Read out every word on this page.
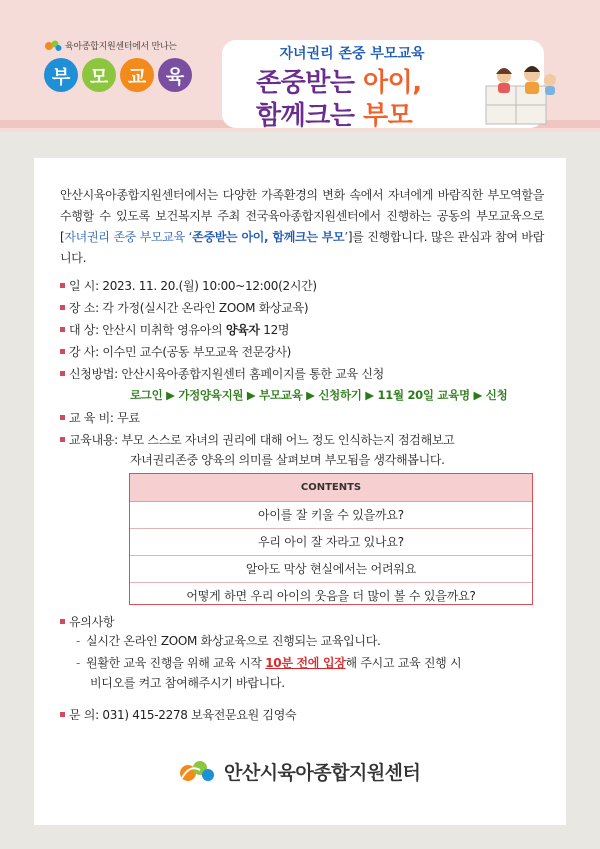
육아종합지원센터에서 만나는
부	모	교	육
자녀권리 존중 부모교육
존중받는 아이,
함께크는 부모
안산시육아종합지원센터에서는 다양한 가족환경의 변화 속에서 자녀에게 바람직한 부모역할을 수행할 수 있도록 보건복지부 주최 전국육아종합지원센터에서 진행하는 공동의 부모교육으로 [자녀권리 존중 부모교육 ‘존중받는 아이, 함께크는 부모’]를 진행합니다. 많은 관심과 참여 바랍니다.
일 시: 2023. 11. 20.(월) 10:00~12:00(2시간)
장 소: 각 가정(실시간 온라인 ZOOM 화상교육)
대 상: 안산시 미취학 영유아의 양육자 12명
강 사: 이수민 교수(공동 부모교육 전문강사)
신청방법: 안산시육아종합지원센터 홈페이지를 통한 교육 신청
로그인 ▶ 가정양육지원 ▶ 부모교육 ▶ 신청하기 ▶ 11월 20일 교육명 ▶ 신청
교 육 비: 무료
교육내용: 부모 스스로 자녀의 권리에 대해 어느 정도 인식하는지 점검해보고
자녀권리존중 양육의 의미를 살펴보며 부모됨을 생각해봅니다.
CONTENTS
아이를 잘 키울 수 있을까요?
우리 아이 잘 자라고 있나요?
알아도 막상 현실에서는 어려워요
어떻게 하면 우리 아이의 웃음을 더 많이 볼 수 있을까요?
유의사항
- 실시간 온라인 ZOOM 화상교육으로 진행되는 교육입니다.
- 원활한 교육 진행을 위해 교육 시작 10분 전에 입장해 주시고 교육 진행 시
비디오를 켜고 참여해주시기 바랍니다.
문 의: 031) 415-2278 보육전문요원 김영숙
안산시육아종합지원센터
